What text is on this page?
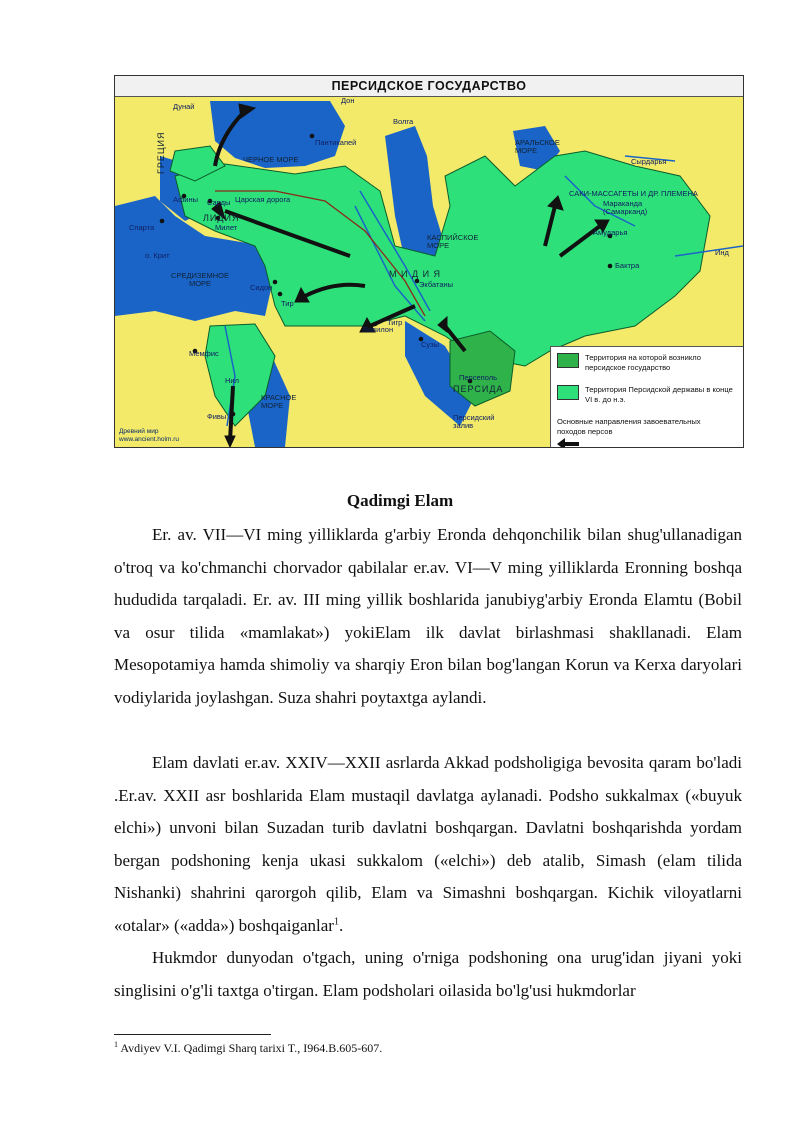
ПЕРСИДСКОЕ ГОСУДАРСТВО
Дунай
Дон
Волга
Пантикапей
ГРЕЦИЯ	ЧЕРНОЕ МОРЕ
АРАЛЬСКОЕ МОРЕ
Сырдарья
Афины Сарды Царская дорога
ЛИДИЯ
Милет
Спарта
КАСПИЙСКОЕ МОРЕ
САКИ-МАССАГЕТЫ И ДР. ПЛЕМЕНА
Мараканда (Самарканд)
Амударья
о. Крит
Бактра
Инд
М И Д И Я
Экбатаны
СРЕДИЗЕМНОЕ МОРЕ
Тир
Сидон
Вавилон
Тигр
Сузы
Мемфис
Персеполь
ПЕРСИДА
Нил
КРАСНОЕ МОРЕ
Фивы	Персидский залив
Древний мир
www.ancient.holm.ru
Территория на которой возникло персидское государство
Территория Персидской державы в конце VI в. до н.э.
Основные направления завоевательных походов персов
Qadimgi Elam

Er. av. VII—VI ming yilliklarda g'arbiy Eronda dehqonchilik bilan shug'ullanadigan o'troq va ko'chmanchi chorvador qabilalar er.av. VI—V ming yilliklarda Eronning boshqa hududida tarqaladi. Er. av. III ming yillik boshlarida janubiyg'arbiy Eronda Elamtu (Bobil va osur tilida «mamlakat») yokiElam ilk davlat birlashmasi shakllanadi. Elam Mesopotamiya hamda shimoliy va sharqiy Eron bilan bog'langan Korun va Kerxa daryolari vodiylarida joylashgan. Suza shahri poytaxtga aylandi.

Elam davlati er.av. XXIV—XXII asrlarda Akkad podsholigiga bevosita qaram bo'ladi .Er.av. XXII asr boshlarida Elam mustaqil davlatga aylanadi. Podsho sukkalmax («buyuk elchi») unvoni bilan Suzadan turib davlatni boshqargan. Davlatni boshqarishda yordam bergan podshoning kenja ukasi sukkalom («elchi») deb atalib, Simash (elam tilida Nishanki) shahrini qarorgoh qilib, Elam va Simashni boshqargan. Kichik viloyatlarni «otalar» («adda») boshqaiganlar$^1$.

Hukmdor dunyodan o'tgach, uning o'rniga podshoning ona urug'idan jiyani yoki singlisini o'g'li taxtga o'tirgan. Elam podsholari oilasida bo'lg'usi hukmdorlar

$^1$ Avdiyev V.I. Qadimgi Sharq tarixi T., I964.B.605-607.
